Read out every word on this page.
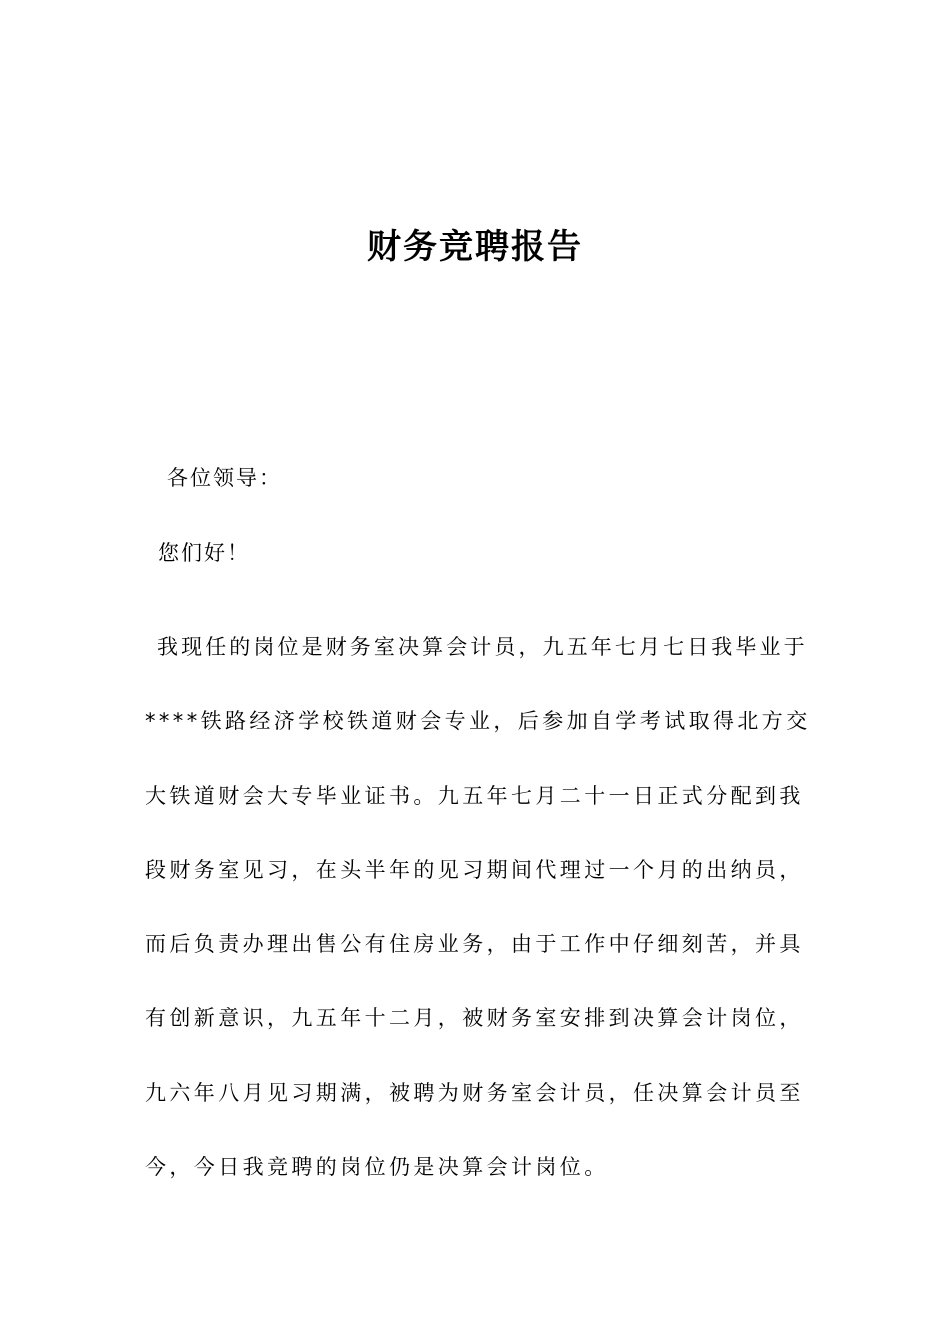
财务竞聘报告
各位领导：
您们好！
我现任的岗位是财务室决算会计员，九五年七月七日我毕业于
****铁路经济学校铁道财会专业，后参加自学考试取得北方交
大铁道财会大专毕业证书。九五年七月二十一日正式分配到我
段财务室见习，在头半年的见习期间代理过一个月的出纳员，
而后负责办理出售公有住房业务，由于工作中仔细刻苦，并具
有创新意识，九五年十二月，被财务室安排到决算会计岗位，
九六年八月见习期满，被聘为财务室会计员，任决算会计员至
今，今日我竞聘的岗位仍是决算会计岗位。
